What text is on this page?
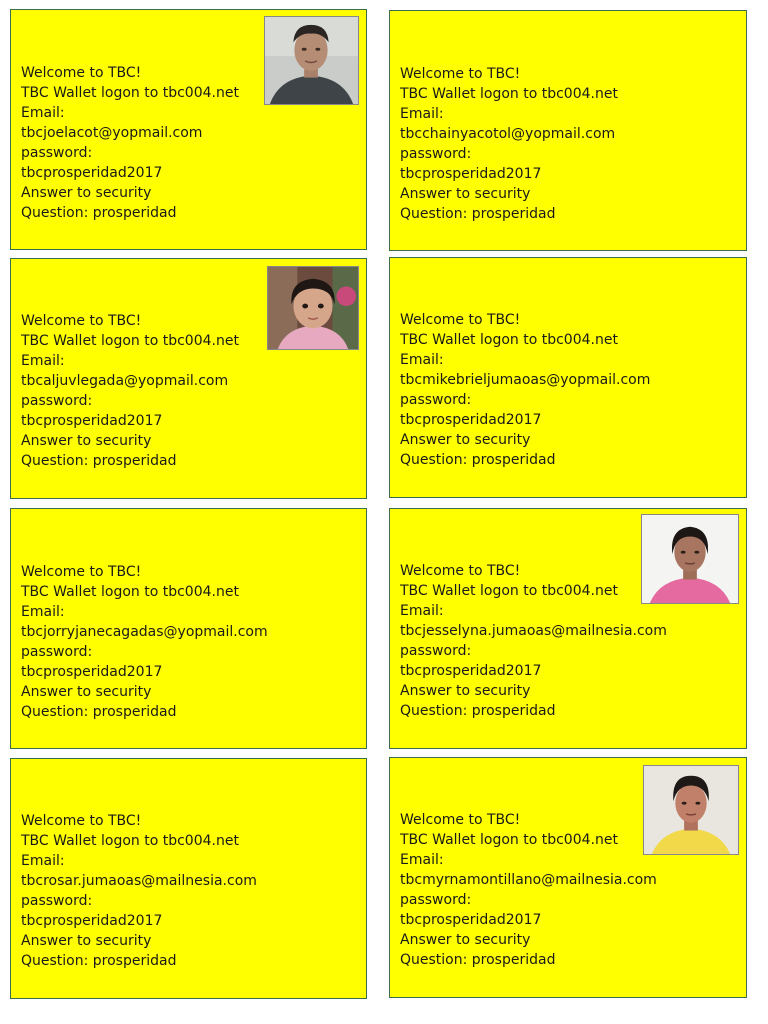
Welcome to TBC!
TBC Wallet logon to tbc004.net
Email:
tbcjoelacot@yopmail.com
password:
tbcprosperidad2017
Answer to security
Question: prosperidad
Welcome to TBC!
TBC Wallet logon to tbc004.net
Email:
tbcchainyacotol@yopmail.com
password:
tbcprosperidad2017
Answer to security
Question: prosperidad
Welcome to TBC!
TBC Wallet logon to tbc004.net
Email:
tbcaljuvlegada@yopmail.com
password:
tbcprosperidad2017
Answer to security
Question: prosperidad
Welcome to TBC!
TBC Wallet logon to tbc004.net
Email:
tbcmikebrieljumaoas@yopmail.com
password:
tbcprosperidad2017
Answer to security
Question: prosperidad
Welcome to TBC!
TBC Wallet logon to tbc004.net
Email:
tbcjorryjanecagadas@yopmail.com
password:
tbcprosperidad2017
Answer to security
Question: prosperidad
Welcome to TBC!
TBC Wallet logon to tbc004.net
Email:
tbcjesselyna.jumaoas@mailnesia.com
password:
tbcprosperidad2017
Answer to security
Question: prosperidad
Welcome to TBC!
TBC Wallet logon to tbc004.net
Email:
tbcrosar.jumaoas@mailnesia.com
password:
tbcprosperidad2017
Answer to security
Question: prosperidad
Welcome to TBC!
TBC Wallet logon to tbc004.net
Email:
tbcmyrnamontillano@mailnesia.com
password:
tbcprosperidad2017
Answer to security
Question: prosperidad
